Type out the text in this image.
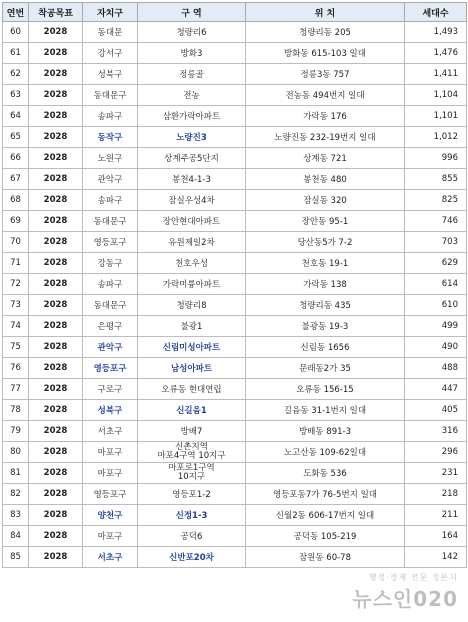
연번	착공목표	자치구	구 역	위 치	세대수
60	2028	동대문	청량리6	청량리동 205	1,493
61	2028	강서구	방화3	방화동 615-103 일대	1,476
62	2028	성북구	정릉골	정릉3동 757	1,411
63	2028	동대문구	전농	전농동 494번지 일대	1,104
64	2028	송파구	삼환가락아파트	가락동 176	1,101
65	2028	동작구	노량진3	노량진동 232-19번지 일대	1,012
66	2028	노원구	상계주공5단지	상계동 721	996
67	2028	관악구	봉천4-1-3	봉천동 480	855
68	2028	송파구	잠실우성4차	잠실동 320	825
69	2028	동대문구	장안현대아파트	장안동 95-1	746
70	2028	영등포구	유원제일2차	당산동5가 7-2	703
71	2028	강동구	천호우성	천호동 19-1	629
72	2028	송파구	가락미륭아파트	가락동 138	614
73	2028	동대문구	청량리8	청량리동 435	610
74	2028	은평구	불광1	불광동 19-3	499
75	2028	관악구	신림미성아파트	신림동 1656	490
76	2028	영등포구	남성아파트	문래동2가 35	488
77	2028	구로구	오류동 현대연립	오류동 156-15	447
78	2028	성북구	신길음1	길음동 31-1번지 일대	405
79	2028	서초구	방배7	방배동 891-3	316
80	2028	마포구	신촌지역
마포4구역 10지구	노고산동 109-62일대	296
81	2028	마포구	마포로1구역
10지구	도화동 536	231
82	2028	영등포구	영등포1-2	영등포동7가 76-5번지 일대	218
83	2028	양천구	신정1-3	신월2동 606-17번지 일대	211
84	2028	마포구	공덕6	공덕동 105-219	164
85	2028	서초구	신반포20차	잠원동 60-78	142
행정·경제 전문 정론지
뉴스인020
